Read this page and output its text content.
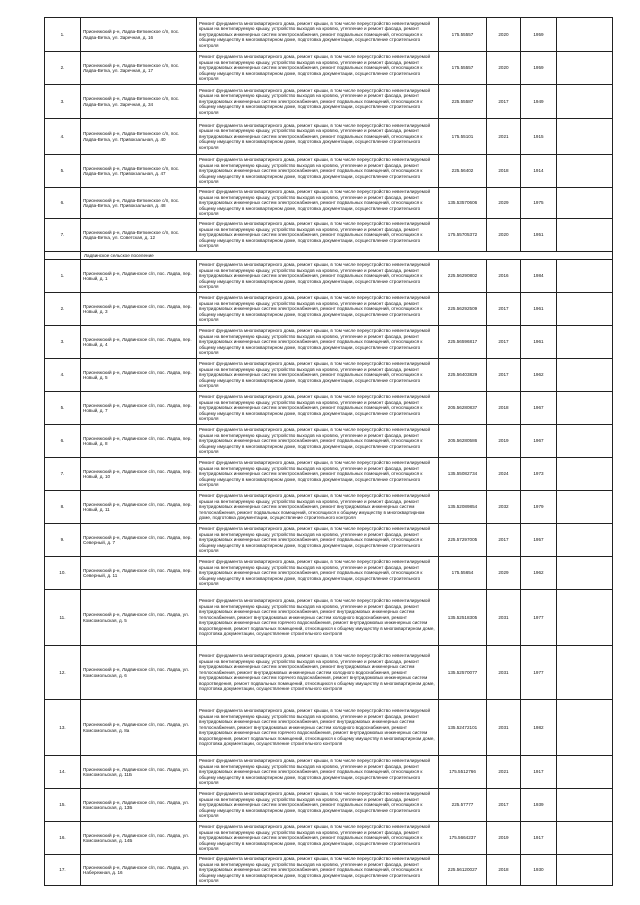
1.	Прионежский р-н, Ладва-Веткинское с/п, пос. Ладва-Ветка, ул. Заречная, д. 16	Ремонт фундамента многоквартирного дома, ремонт крыши, в том числе переустройство невентилируемой крыши на вентилируемую крышу, устройство выходов на кровлю, утепление и ремонт фасада, ремонт внутридомовых инженерных систем электроснабжения, ремонт подвальных помещений, относящихся к общему имуществу в многоквартирном доме, подготовка документации, осуществление строительного контроля	175.55557	2020	1959	
2.	Прионежский р-н, Ладва-Веткинское с/п, пос. Ладва-Ветка, ул. Заречная, д. 17	Ремонт фундамента многоквартирного дома, ремонт крыши, в том числе переустройство невентилируемой крыши на вентилируемую крышу, устройство выходов на кровлю, утепление и ремонт фасада, ремонт внутридомовых инженерных систем электроснабжения, ремонт подвальных помещений, относящихся к общему имуществу в многоквартирном доме, подготовка документации, осуществление строительного контроля	175.55557	2020	1959	
3.	Прионежский р-н, Ладва-Веткинское с/п, пос. Ладва-Ветка, ул. Заречная, д. 34	Ремонт фундамента многоквартирного дома, ремонт крыши, в том числе переустройство невентилируемой крыши на вентилируемую крышу, устройство выходов на кровлю, утепление и ремонт фасада, ремонт внутридомовых инженерных систем электроснабжения, ремонт подвальных помещений, относящихся к общему имуществу в многоквартирном доме, подготовка документации, осуществление строительного контроля	225.55587	2017	1949	
4.	Прионежский р-н, Ладва-Веткинское с/п, пос. Ладва-Ветка, ул. Привокзальная, д. 40	Ремонт фундамента многоквартирного дома, ремонт крыши, в том числе переустройство невентилируемой крыши на вентилируемую крышу, устройство выходов на кровлю, утепление и ремонт фасада, ремонт внутридомовых инженерных систем электроснабжения, ремонт подвальных помещений, относящихся к общему имуществу в многоквартирном доме, подготовка документации, осуществление строительного контроля	175.55101	2021	1915	
5.	Прионежский р-н, Ладва-Веткинское с/п, пос. Ладва-Ветка, ул. Привокзальная, д. 47	Ремонт фундамента многоквартирного дома, ремонт крыши, в том числе переустройство невентилируемой крыши на вентилируемую крышу, устройство выходов на кровлю, утепление и ремонт фасада, ремонт внутридомовых инженерных систем электроснабжения, ремонт подвальных помещений, относящихся к общему имуществу в многоквартирном доме, подготовка документации, осуществление строительного контроля	225.56402	2018	1914	
6.	Прионежский р-н, Ладва-Веткинское с/п, пос. Ладва-Ветка, ул. Привокзальная, д. 48	Ремонт фундамента многоквартирного дома, ремонт крыши, в том числе переустройство невентилируемой крыши на вентилируемую крышу, устройство выходов на кровлю, утепление и ремонт фасада, ремонт внутридомовых инженерных систем электроснабжения, ремонт подвальных помещений, относящихся к общему имуществу в многоквартирном доме, подготовка документации, осуществление строительного контроля	135.53570606	2029	1975	
7.	Прионежский р-н, Ладва-Веткинское с/п, пос. Ладва-Ветка, ул. Советская, д. 12	Ремонт фундамента многоквартирного дома, ремонт крыши, в том числе переустройство невентилируемой крыши на вентилируемую крышу, устройство выходов на кровлю, утепление и ремонт фасада, ремонт внутридомовых инженерных систем электроснабжения, ремонт подвальных помещений, относящихся к общему имуществу в многоквартирном доме, подготовка документации, осуществление строительного контроля	175.55705372	2020	1951	
	Ладвинское сельское поселение					
1.	Прионежский р-н, Ладвинское с/п, пос. Ладва, пер. Новый, д. 1	Ремонт фундамента многоквартирного дома, ремонт крыши, в том числе переустройство невентилируемой крыши на вентилируемую крышу, устройство выходов на кровлю, утепление и ремонт фасада, ремонт внутридомовых инженерных систем электроснабжения, ремонт подвальных помещений, относящихся к общему имуществу в многоквартирном доме, подготовка документации, осуществление строительного контроля	225.56290802	2016	1984	
2.	Прионежский р-н, Ладвинское с/п, пос. Ладва, пер. Новый, д. 3	Ремонт фундамента многоквартирного дома, ремонт крыши, в том числе переустройство невентилируемой крыши на вентилируемую крышу, устройство выходов на кровлю, утепление и ремонт фасада, ремонт внутридомовых инженерных систем электроснабжения, ремонт подвальных помещений, относящихся к общему имуществу в многоквартирном доме, подготовка документации, осуществление строительного контроля	225.56292509	2017	1961	
3.	Прионежский р-н, Ладвинское с/п, пос. Ладва, пер. Новый, д. 4	Ремонт фундамента многоквартирного дома, ремонт крыши, в том числе переустройство невентилируемой крыши на вентилируемую крышу, устройство выходов на кровлю, утепление и ремонт фасада, ремонт внутридомовых инженерных систем электроснабжения, ремонт подвальных помещений, относящихся к общему имуществу в многоквартирном доме, подготовка документации, осуществление строительного контроля	225.56596817	2017	1961	
4.	Прионежский р-н, Ладвинское с/п, пос. Ладва, пер. Новый, д. 5	Ремонт фундамента многоквартирного дома, ремонт крыши, в том числе переустройство невентилируемой крыши на вентилируемую крышу, устройство выходов на кровлю, утепление и ремонт фасада, ремонт внутридомовых инженерных систем электроснабжения, ремонт подвальных помещений, относящихся к общему имуществу в многоквартирном доме, подготовка документации, осуществление строительного контроля	225.56403829	2017	1962	
5.	Прионежский р-н, Ладвинское с/п, пос. Ладва, пер. Новый, д. 7	Ремонт фундамента многоквартирного дома, ремонт крыши, в том числе переустройство невентилируемой крыши на вентилируемую крышу, устройство выходов на кровлю, утепление и ремонт фасада, ремонт внутридомовых инженерных систем электроснабжения, ремонт подвальных помещений, относящихся к общему имуществу в многоквартирном доме, подготовка документации, осуществление строительного контроля	205.56280837	2018	1967	
6.	Прионежский р-н, Ладвинское с/п, пос. Ладва, пер. Новый, д. 8	Ремонт фундамента многоквартирного дома, ремонт крыши, в том числе переустройство невентилируемой крыши на вентилируемую крышу, устройство выходов на кровлю, утепление и ремонт фасада, ремонт внутридомовых инженерных систем электроснабжения, ремонт подвальных помещений, относящихся к общему имуществу в многоквартирном доме, подготовка документации, осуществление строительного контроля	205.56280586	2019	1967	
7.	Прионежский р-н, Ладвинское с/п, пос. Ладва, пер. Новый, д. 10	Ремонт фундамента многоквартирного дома, ремонт крыши, в том числе переустройство невентилируемой крыши на вентилируемую крышу, устройство выходов на кровлю, утепление и ремонт фасада, ремонт внутридомовых инженерных систем электроснабжения, ремонт подвальных помещений, относящихся к общему имуществу в многоквартирном доме, подготовка документации, осуществление строительного контроля	135.55082734	2024	1973	
8.	Прионежский р-н, Ладвинское с/п, пос. Ладва, пер. Новый, д. 11	Ремонт фундамента многоквартирного дома, ремонт крыши, в том числе переустройство невентилируемой крыши на вентилируемую крышу, устройство выходов на кровлю, утепление и ремонт фасада, ремонт внутридомовых инженерных систем электроснабжения, ремонт внутридомовых инженерных систем теплоснабжения, ремонт подвальных помещений, относящихся к общему имуществу в многоквартирном доме, подготовка документации, осуществление строительного контроля	135.52089854	2032	1979	
9.	Прионежский р-н, Ладвинское с/п, пос. Ладва, пер. Северный, д. 7	Ремонт фундамента многоквартирного дома, ремонт крыши, в том числе переустройство невентилируемой крыши на вентилируемую крышу, устройство выходов на кровлю, утепление и ремонт фасада, ремонт внутридомовых инженерных систем электроснабжения, ремонт подвальных помещений, относящихся к общему имуществу в многоквартирном доме, подготовка документации, осуществление строительного контроля	225.57297005	2017	1957	
10.	Прионежский р-н, Ладвинское с/п, пос. Ладва, пер. Северный, д. 11	Ремонт фундамента многоквартирного дома, ремонт крыши, в том числе переустройство невентилируемой крыши на вентилируемую крышу, устройство выходов на кровлю, утепление и ремонт фасада, ремонт внутридомовых инженерных систем электроснабжения, ремонт подвальных помещений, относящихся к общему имуществу в многоквартирном доме, подготовка документации, осуществление строительного контроля	175.55654	2029	1962	
11.	Прионежский р-н, Ладвинское с/п, пос. Ладва, ул. Комсомольская, д. 5	Ремонт фундамента многоквартирного дома, ремонт крыши, в том числе переустройство невентилируемой крыши на вентилируемую крышу, устройство выходов на кровлю, утепление и ремонт фасада, ремонт внутридомовых инженерных систем электроснабжения, ремонт внутридомовых инженерных систем теплоснабжения, ремонт внутридомовых инженерных систем холодного водоснабжения, ремонт внутридомовых инженерных систем горячего водоснабжения, ремонт внутридомовых инженерных систем водоотведения, ремонт подвальных помещений, относящихся к общему имуществу в многоквартирном доме, подготовка документации, осуществление строительного контроля	135.52518305	2031	1977	
12.	Прионежский р-н, Ладвинское с/п, пос. Ладва, ул. Комсомольская, д. 6	Ремонт фундамента многоквартирного дома, ремонт крыши, в том числе переустройство невентилируемой крыши на вентилируемую крышу, устройство выходов на кровлю, утепление и ремонт фасада, ремонт внутридомовых инженерных систем электроснабжения, ремонт внутридомовых инженерных систем теплоснабжения, ремонт внутридомовых инженерных систем холодного водоснабжения, ремонт внутридомовых инженерных систем горячего водоснабжения, ремонт внутридомовых инженерных систем водоотведения, ремонт подвальных помещений, относящихся к общему имуществу в многоквартирном доме, подготовка документации, осуществление строительного контроля	135.52570077	2031	1977	
13.	Прионежский р-н, Ладвинское с/п, пос. Ладва, ул. Комсомольская, д. 8а	Ремонт фундамента многоквартирного дома, ремонт крыши, в том числе переустройство невентилируемой крыши на вентилируемую крышу, устройство выходов на кровлю, утепление и ремонт фасада, ремонт внутридомовых инженерных систем электроснабжения, ремонт внутридомовых инженерных систем теплоснабжения, ремонт внутридомовых инженерных систем холодного водоснабжения, ремонт внутридомовых инженерных систем горячего водоснабжения, ремонт внутридомовых инженерных систем водоотведения, ремонт подвальных помещений, относящихся к общему имуществу в многоквартирном доме, подготовка документации, осуществление строительного контроля	135.52472101	2031	1982	
14.	Прионежский р-н, Ладвинское с/п, пос. Ладва, ул. Комсомольская, д. 11Б	Ремонт фундамента многоквартирного дома, ремонт крыши, в том числе переустройство невентилируемой крыши на вентилируемую крышу, устройство выходов на кровлю, утепление и ремонт фасада, ремонт внутридомовых инженерных систем электроснабжения, ремонт подвальных помещений, относящихся к общему имуществу в многоквартирном доме, подготовка документации, осуществление строительного контроля	175.5512766	2021	1917	
15.	Прионежский р-н, Ладвинское с/п, пос. Ладва, ул. Комсомольская, д. 13Б	Ремонт фундамента многоквартирного дома, ремонт крыши, в том числе переустройство невентилируемой крыши на вентилируемую крышу, устройство выходов на кровлю, утепление и ремонт фасада, ремонт внутридомовых инженерных систем электроснабжения, ремонт подвальных помещений, относящихся к общему имуществу в многоквартирном доме, подготовка документации, осуществление строительного контроля	225.57777	2017	1939	
16.	Прионежский р-н, Ладвинское с/п, пос. Ладва, ул. Комсомольская, д. 14Б	Ремонт фундамента многоквартирного дома, ремонт крыши, в том числе переустройство невентилируемой крыши на вентилируемую крышу, устройство выходов на кровлю, утепление и ремонт фасада, ремонт внутридомовых инженерных систем электроснабжения, ремонт подвальных помещений, относящихся к общему имуществу в многоквартирном доме, подготовка документации, осуществление строительного контроля	175.5664237	2019	1917	
17.	Прионежский р-н, Ладвинское с/п, пос. Ладва, ул. Набережная, д. 16	Ремонт фундамента многоквартирного дома, ремонт крыши, в том числе переустройство невентилируемой крыши на вентилируемую крышу, устройство выходов на кровлю, утепление и ремонт фасада, ремонт внутридомовых инженерных систем электроснабжения, ремонт подвальных помещений, относящихся к общему имуществу в многоквартирном доме, подготовка документации, осуществление строительного контроля	225.56120027	2018	1930	
